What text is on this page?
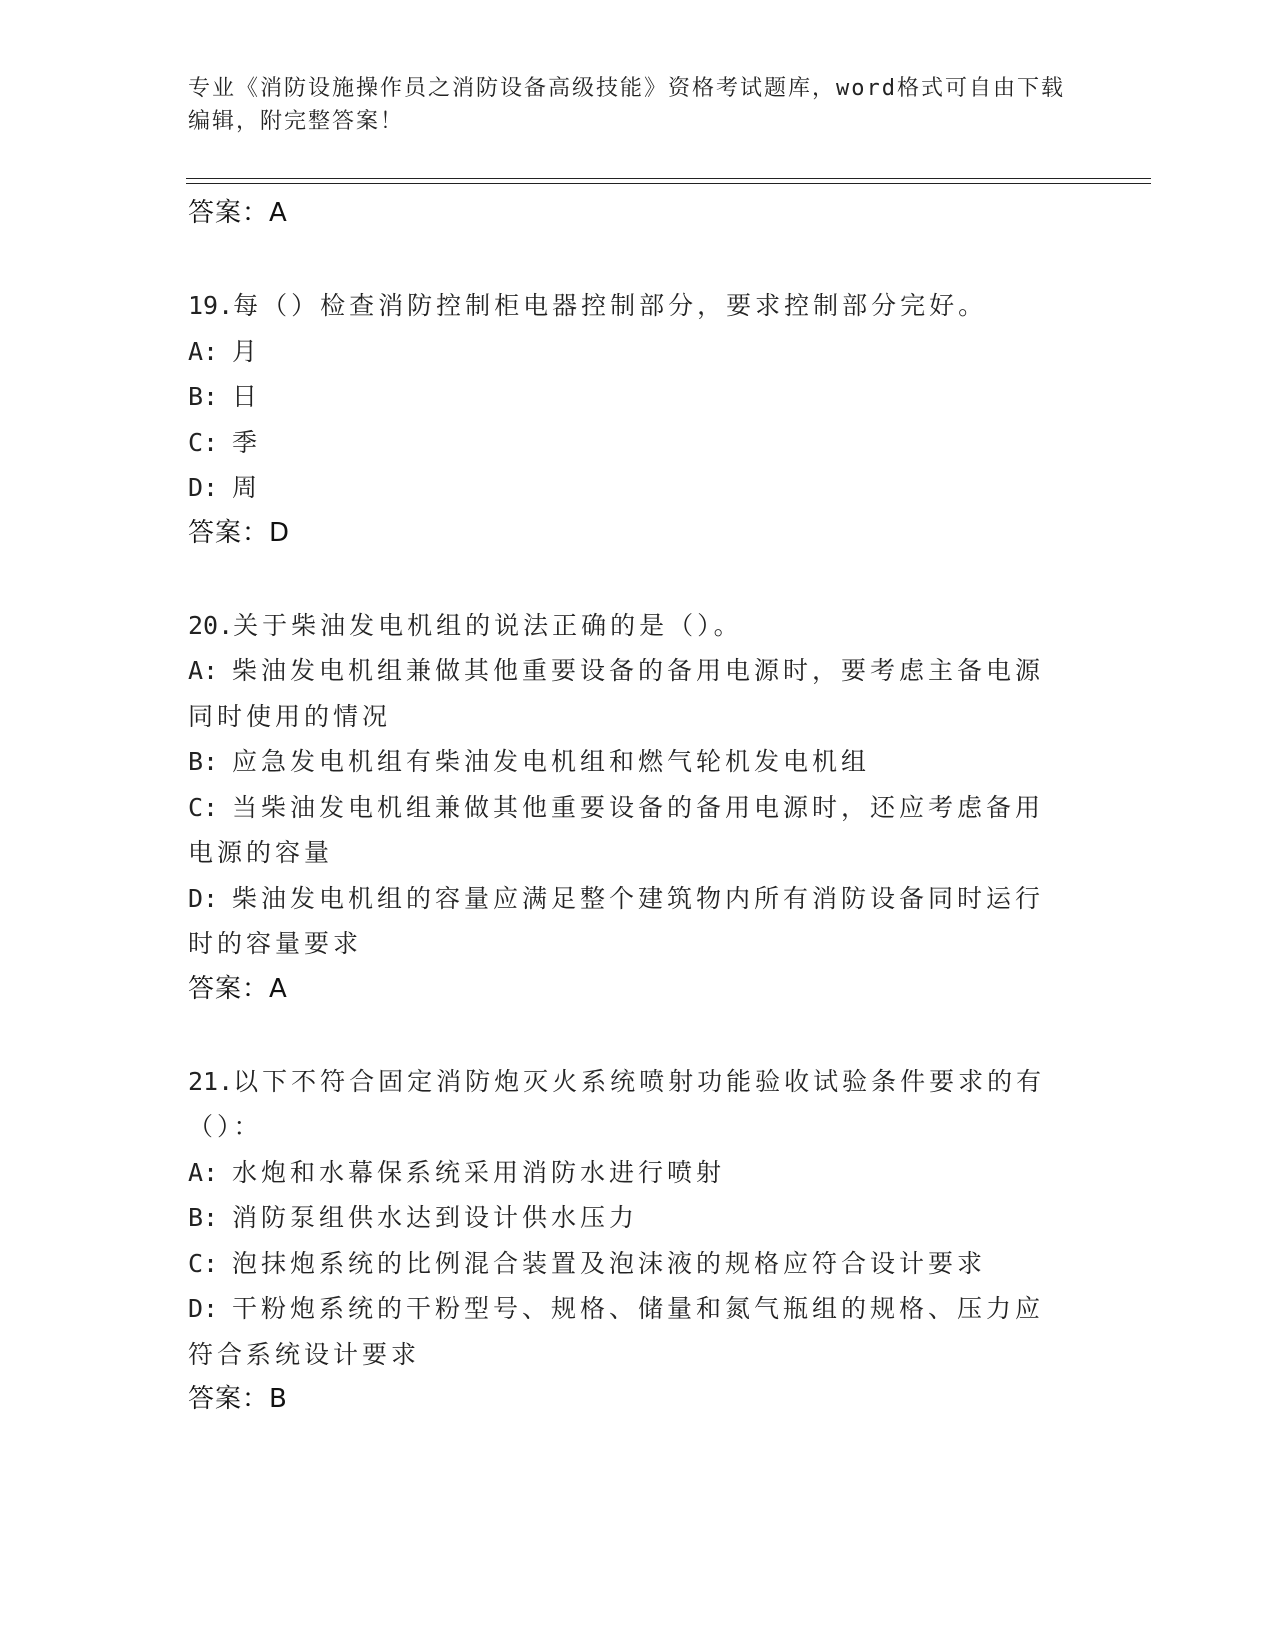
专业《消防设施操作员之消防设备高级技能》资格考试题库，word格式可自由下载编辑，附完整答案！
答案：A
19.每（）检查消防控制柜电器控制部分，要求控制部分完好。
A: 月
B: 日
C: 季
D: 周
答案：D
20.关于柴油发电机组的说法正确的是（）。
A: 柴油发电机组兼做其他重要设备的备用电源时，要考虑主备电源同时使用的情况
B: 应急发电机组有柴油发电机组和燃气轮机发电机组
C: 当柴油发电机组兼做其他重要设备的备用电源时，还应考虑备用电源的容量
D: 柴油发电机组的容量应满足整个建筑物内所有消防设备同时运行时的容量要求
答案：A
21.以下不符合固定消防炮灭火系统喷射功能验收试验条件要求的有（）：
A: 水炮和水幕保系统采用消防水进行喷射
B: 消防泵组供水达到设计供水压力
C: 泡抹炮系统的比例混合装置及泡沫液的规格应符合设计要求
D: 干粉炮系统的干粉型号、规格、储量和氮气瓶组的规格、压力应符合系统设计要求
答案：B
